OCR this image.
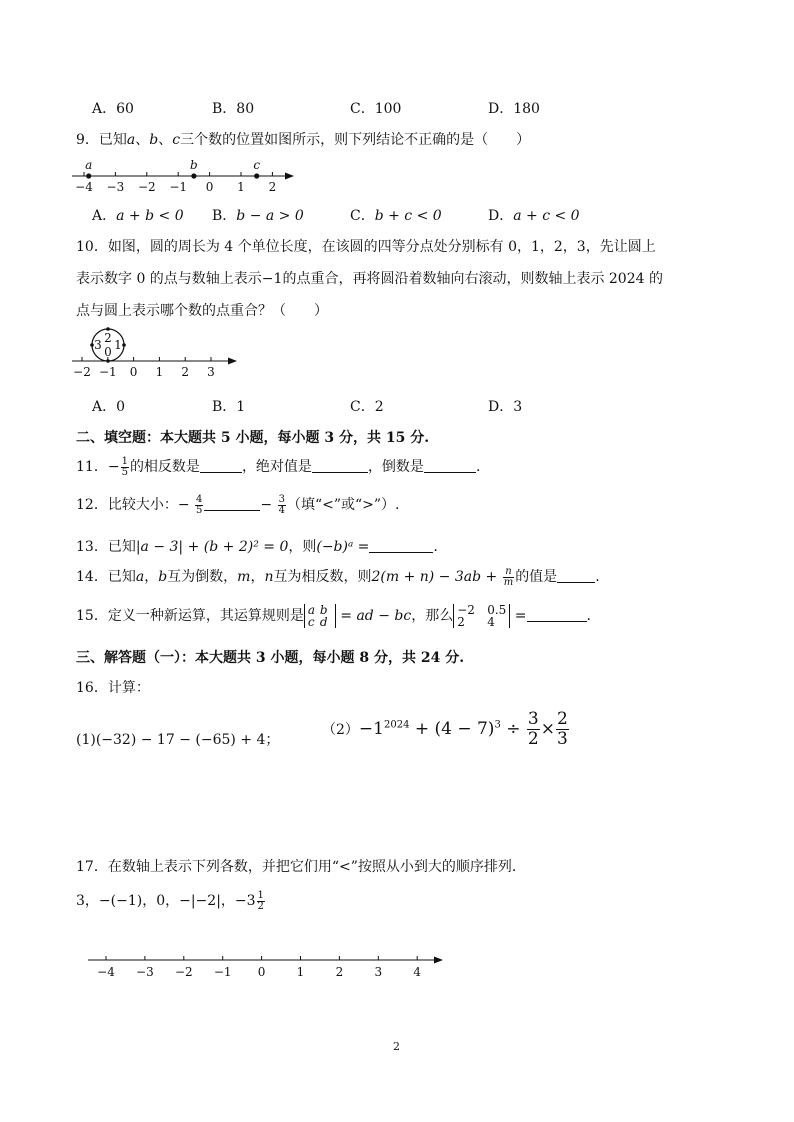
A．60	B．80	C．100	D．180
9．已知a、b、c三个数的位置如图所示，则下列结论不正确的是（　　）
−4 −3 −2 −1 0 1 2
a	b	c
A．a + b < 0 B．b − a > 0	C．b + c < 0	D．a + c < 0
10．如图，圆的周长为 4 个单位长度，在该圆的四等分点处分别标有 0，1，2，3，先让圆上
表示数字 0 的点与数轴上表示−1的点重合，再将圆沿着数轴向右滚动，则数轴上表示 2024 的
点与圆上表示哪个数的点重合？（　　）
0 1
2
3
−2 −1 0 1 2 3
A．0	B．1	C．2	D．3
二、填空题：本大题共 5 小题，每小题 3 分，共 15 分.
11．− $\frac{1}{5}$ 的相反数是	，绝对值是	，倒数是	.
12．比较大小：− $\frac{4}{5}$	− $\frac{3}{4}$ （填“<”或“>”）.
13．已知|a − 3| + (b + 2)² = 0，则(−b)ᵃ =	.
14．已知a，b互为倒数，m，n互为相反数，则$2(m + n) - 3ab + \frac{n}{m}$ 的值是	.
15．定义一种新运算，其运算规则是 a b
c d = ad − bc，那么 −2 0.5
2 4	=	.
三、解答题（一）：本大题共 3 小题，每小题 8 分，共 24 分.
16．计算：
(1)(−32) − 17 − (−65) + 4；
$(2)-1^{2024} + (4 - 7)^3 \div \frac{3}{2} \times \frac{2}{3}$
17．在数轴上表示下列各数，并把它们用“<”按照从小到大的顺序排列.
3，−(−1)，0，−|−2|，$-3 \frac{1}{2}$
−4 −3 −2 −1 0	1	2	3	4
2
